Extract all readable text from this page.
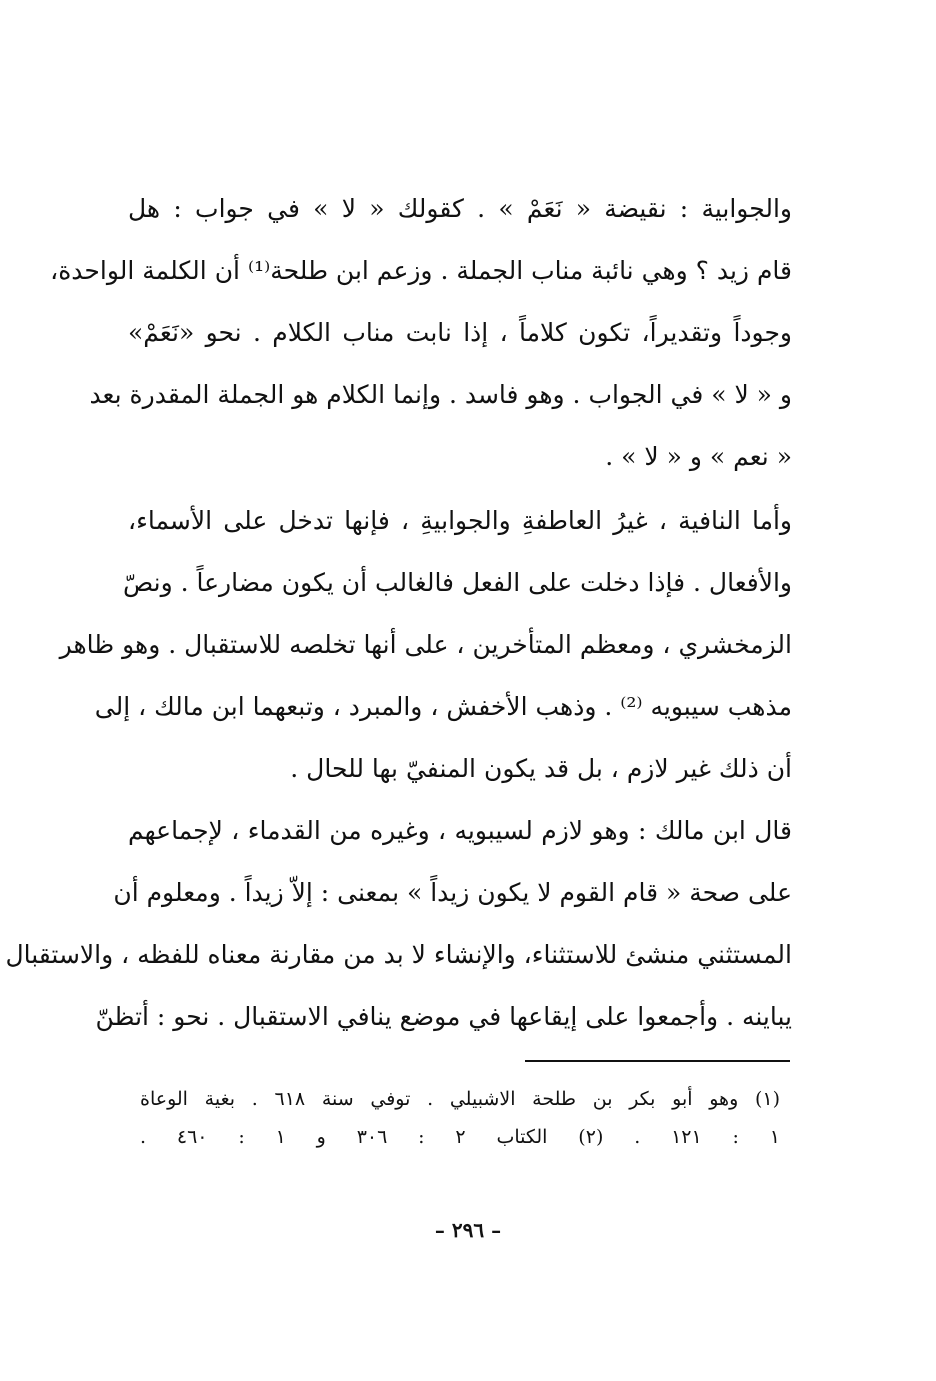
والجوابية : نقيضة « نَعَمْ » . كقولك « لا » في جواب : هل
قام زيد ؟ وهي نائبة مناب الجملة . وزعم ابن طلحة⁽¹⁾ أن الكلمة الواحدة،
وجوداً وتقديراً، تكون كلاماً ، إذا نابت مناب الكلام . نحو «نَعَمْ»
و « لا » في الجواب . وهو فاسد . وإنما الكلام هو الجملة المقدرة بعد
« نعم » و « لا » .
وأما النافية ، غيرُ العاطفةِ والجوابيةِ ، فإنها تدخل على الأسماء،
والأفعال . فإذا دخلت على الفعل فالغالب أن يكون مضارعاً . ونصّ
الزمخشري ، ومعظم المتأخرين ، على أنها تخلصه للاستقبال . وهو ظاهر
مذهب سيبويه ⁽²⁾ . وذهب الأخفش ، والمبرد ، وتبعهما ابن مالك ، إلى
أن ذلك غير لازم ، بل قد يكون المنفيّ بها للحال .
قال ابن مالك : وهو لازم لسيبويه ، وغيره من القدماء ، لإجماعهم
على صحة « قام القوم لا يكون زيداً » بمعنى : إلاّ زيداً . ومعلوم أن
المستثني منشئ للاستثناء، والإنشاء لا بد من مقارنة معناه للفظه ، والاستقبال
يباينه . وأجمعوا على إيقاعها في موضع ينافي الاستقبال . نحو : أتظنّ
(١) وهو أبو بكر بن طلحة الاشبيلي . توفي سنة ٦١٨ . بغية الوعاة
١ : ١٢١ . (٢) الكتاب ٢ : ٣٠٦ و ١ : ٤٦٠ .
– ٢٩٦ –
